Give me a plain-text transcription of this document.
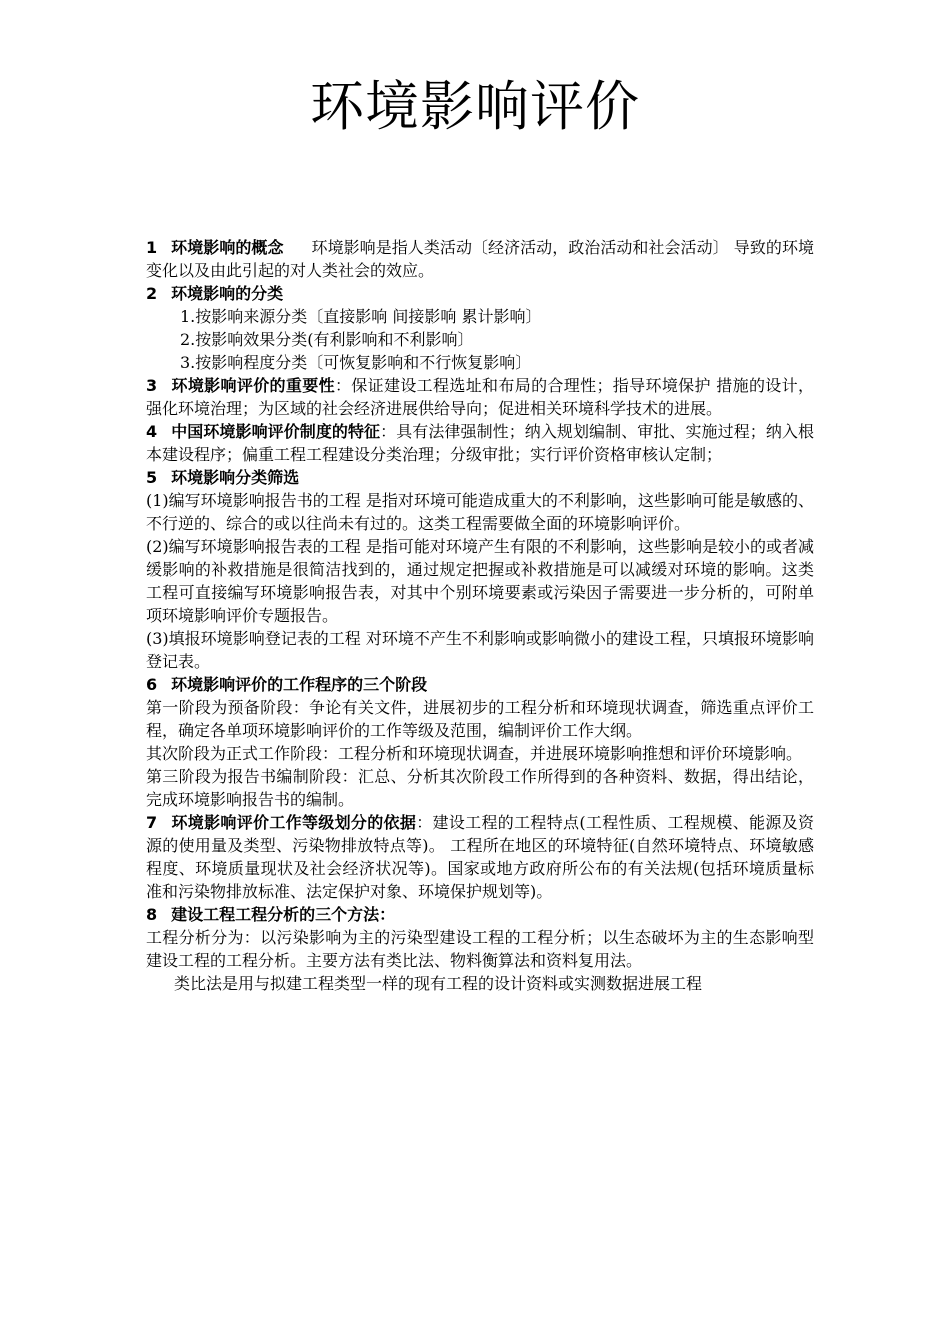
环境影响评价

1 环境影响的概念 环境影响是指人类活动〔经济活动，政治活动和社会活动〕 导致的环境变化以及由此引起的对人类社会的效应。

2 环境影响的分类

1.按影响来源分类〔直接影响 间接影响 累计影响〕

2.按影响效果分类(有利影响和不利影响〕

3.按影响程度分类〔可恢复影响和不行恢复影响〕

3 环境影响评价的重要性：保证建设工程选址和布局的合理性；指导环境保护 措施的设计，强化环境治理；为区域的社会经济进展供给导向；促进相关环境科学技术的进展。

4 中国环境影响评价制度的特征：具有法律强制性；纳入规划编制、审批、实施过程；纳入根本建设程序；偏重工程工程建设分类治理；分级审批；实行评价资格审核认定制；

5 环境影响分类筛选

(1)编写环境影响报告书的工程 是指对环境可能造成重大的不利影响，这些影响可能是敏感的、不行逆的、综合的或以往尚未有过的。这类工程需要做全面的环境影响评价。

(2)编写环境影响报告表的工程 是指可能对环境产生有限的不利影响，这些影响是较小的或者减缓影响的补救措施是很简洁找到的，通过规定把握或补救措施是可以减缓对环境的影响。这类工程可直接编写环境影响报告表，对其中个别环境要素或污染因子需要进一步分析的，可附单项环境影响评价专题报告。

(3)填报环境影响登记表的工程 对环境不产生不利影响或影响微小的建设工程，只填报环境影响登记表。

6 环境影响评价的工作程序的三个阶段

第一阶段为预备阶段：争论有关文件，进展初步的工程分析和环境现状调查，筛选重点评价工程，确定各单项环境影响评价的工作等级及范围，编制评价工作大纲。

其次阶段为正式工作阶段：工程分析和环境现状调查，并进展环境影响推想和评价环境影响。

第三阶段为报告书编制阶段：汇总、分析其次阶段工作所得到的各种资料、数据，得出结论，完成环境影响报告书的编制。

7 环境影响评价工作等级划分的依据：建设工程的工程特点(工程性质、工程规模、能源及资源的使用量及类型、污染物排放特点等)。 工程所在地区的环境特征(自然环境特点、环境敏感程度、环境质量现状及社会经济状况等)。国家或地方政府所公布的有关法规(包括环境质量标准和污染物排放标准、法定保护对象、环境保护规划等)。

8 建设工程工程分析的三个方法：

工程分析分为：以污染影响为主的污染型建设工程的工程分析；以生态破坏为主的生态影响型建设工程的工程分析。主要方法有类比法、物料衡算法和资料复用法。

类比法是用与拟建工程类型一样的现有工程的设计资料或实测数据进展工程
